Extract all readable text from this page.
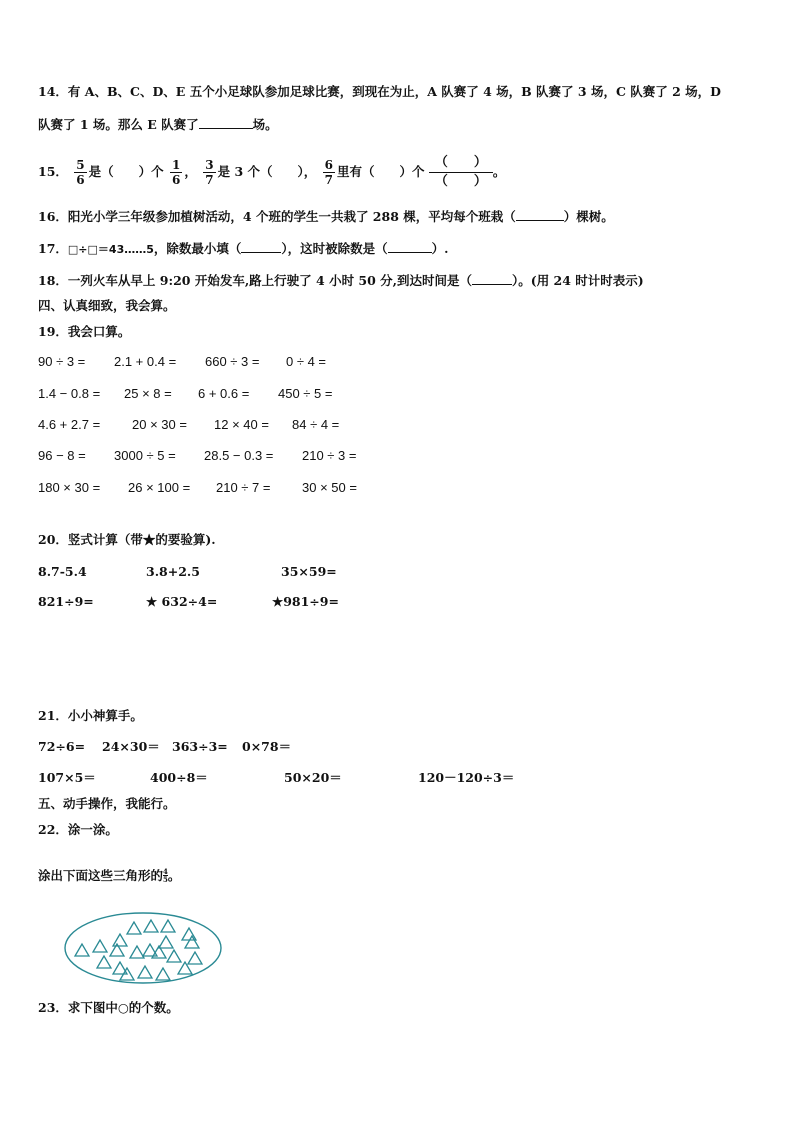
14．有 A、B、C、D、E 五个小足球队参加足球比赛，到现在为止，A 队赛了 4 场，B 队赛了 3 场，C 队赛了 2 场，D
队赛了 1 场。那么 E 队赛了	场。
15． $\frac{5}{6}$ 是（　　）个 $\frac{1}{6}$ ， $\frac{3}{7}$ 是 3 个（　　）， $\frac{6}{7}$ 里有（　　）个
（　　）
（　　）
。
16．阳光小学三年级参加植树活动，4 个班的学生一共栽了 288 棵，平均每个班栽（	）棵树。
17．□÷□＝43……5，除数最小填（	），这时被除数是（	）.
18．一列火车从早上 9:20 开始发车,路上行驶了 4 小时 50 分,到达时间是（	）。(用 24 时计时表示)
四、认真细致，我会算。
19．我会口算。
90 ÷ 3 = 2.1 + 0.4 = 660 ÷ 3 = 0 ÷ 4 =
1.4 − 0.8 = 25 × 8 = 6 + 0.6 = 450 ÷ 5 =
4.6 + 2.7 = 20 × 30 = 12 × 40 = 84 ÷ 4 =
96 − 8 = 3000 ÷ 5 = 28.5 − 0.3 = 210 ÷ 3 =
180 × 30 = 26 × 100 = 210 ÷ 7 = 30 × 50 =
20．竖式计算（带★的要验算).
8.7-5.4	3.8+2.5	35×59=
821÷9=	★ 632÷4=	★981÷9=
21．小小神算手。
72÷6= 24×30＝ 363÷3= 0×78＝
107×5＝	400÷8＝	50×20＝	120－120÷3＝
五、动手操作，我能行。
22．涂一涂。
涂出下面这些三角形的 $\frac{4}{5}$ 。
23．求下图中○的个数。
